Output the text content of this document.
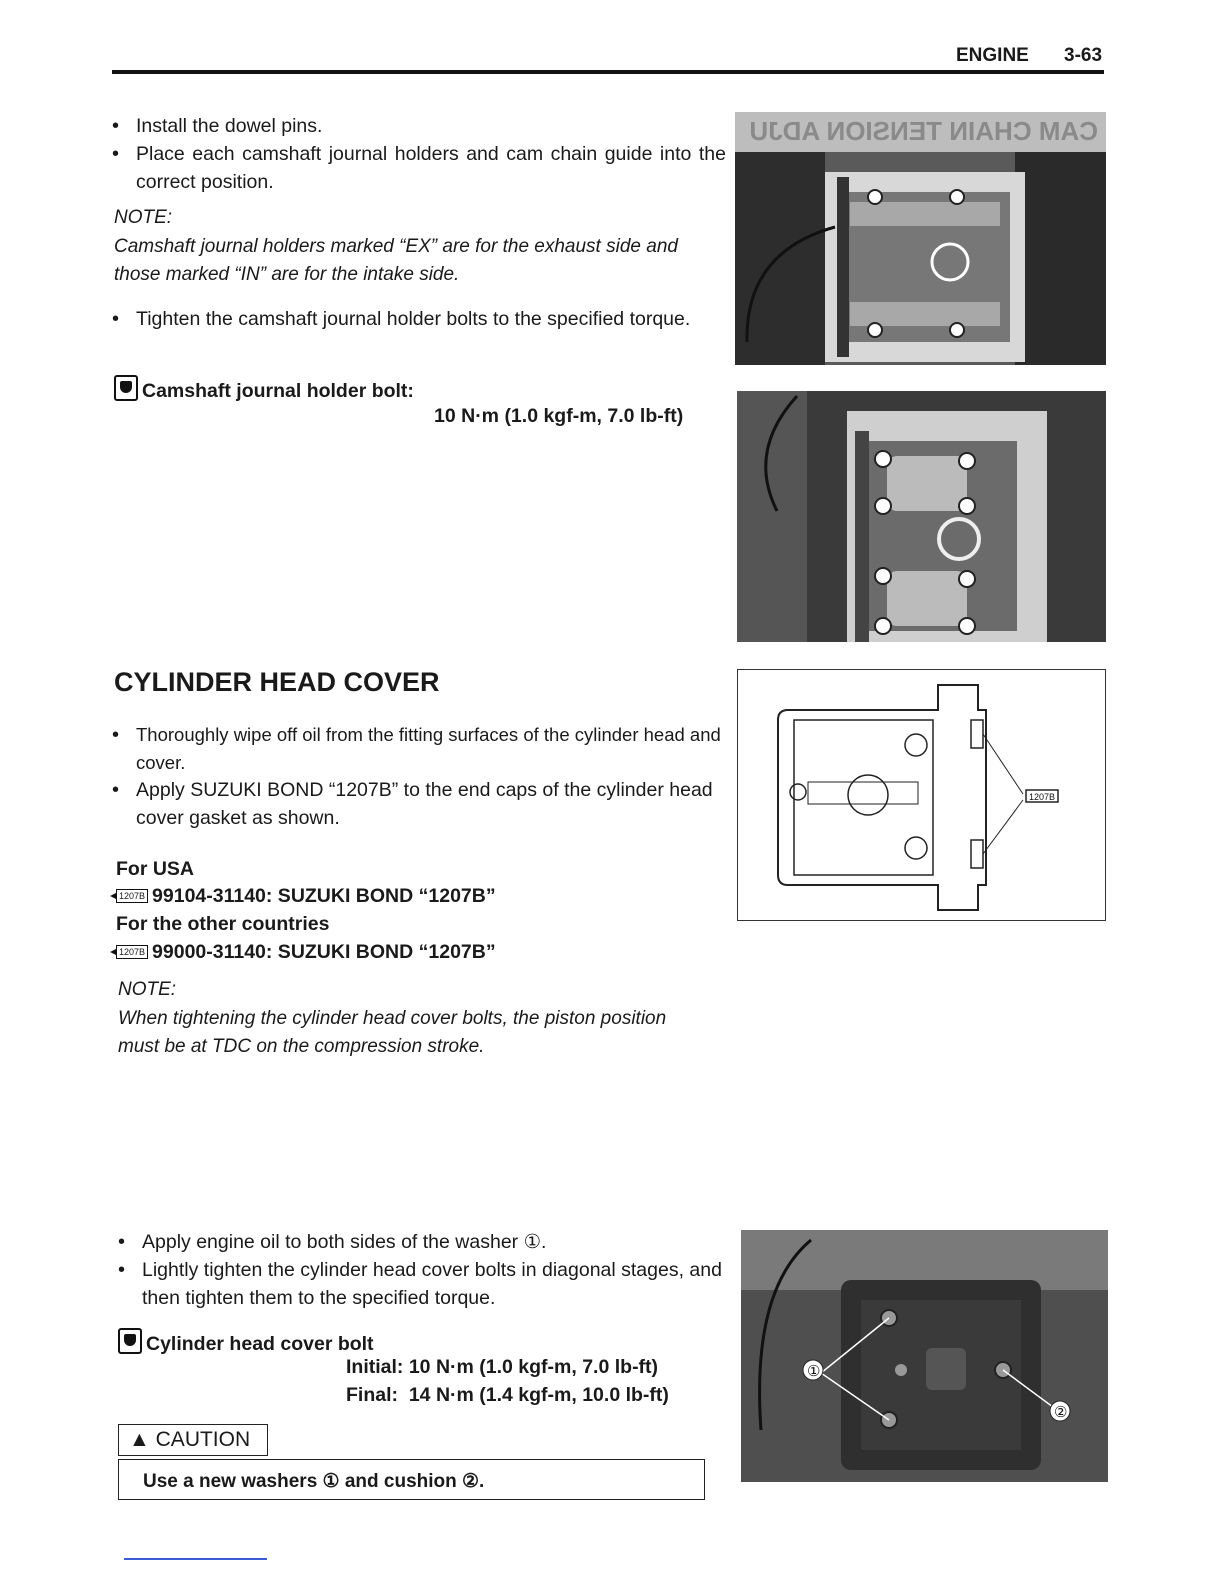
ENGINE 3-63
• Install the dowel pins.
• Place each camshaft journal holders and cam chain guide into the correct position.
NOTE:
Camshaft journal holders marked “EX” are for the exhaust side and those marked “IN” are for the intake side.
• Tighten the camshaft journal holder bolts to the specified torque.
Camshaft journal holder bolt:
10 N·m (1.0 kgf-m, 7.0 lb-ft)
CAM CHAIN TENSION ADJU
CYLINDER HEAD COVER
• Thoroughly wipe off oil from the fitting surfaces of the cylinder head and cover.
• Apply SUZUKI BOND “1207B” to the end caps of the cylinder head cover gasket as shown.
For USA
1207B 99104-31140: SUZUKI BOND “1207B”
For the other countries
1207B 99000-31140: SUZUKI BOND “1207B”
NOTE:
When tightening the cylinder head cover bolts, the piston position must be at TDC on the compression stroke.
1207B
• Apply engine oil to both sides of the washer ①.
• Lightly tighten the cylinder head cover bolts in diagonal stages, and then tighten them to the specified torque.
Cylinder head cover bolt
Initial: 10 N·m (1.0 kgf-m, 7.0 lb-ft)
Final:  14 N·m (1.4 kgf-m, 10.0 lb-ft)
▲ CAUTION
Use a new washers ① and cushion ②.
①
②
